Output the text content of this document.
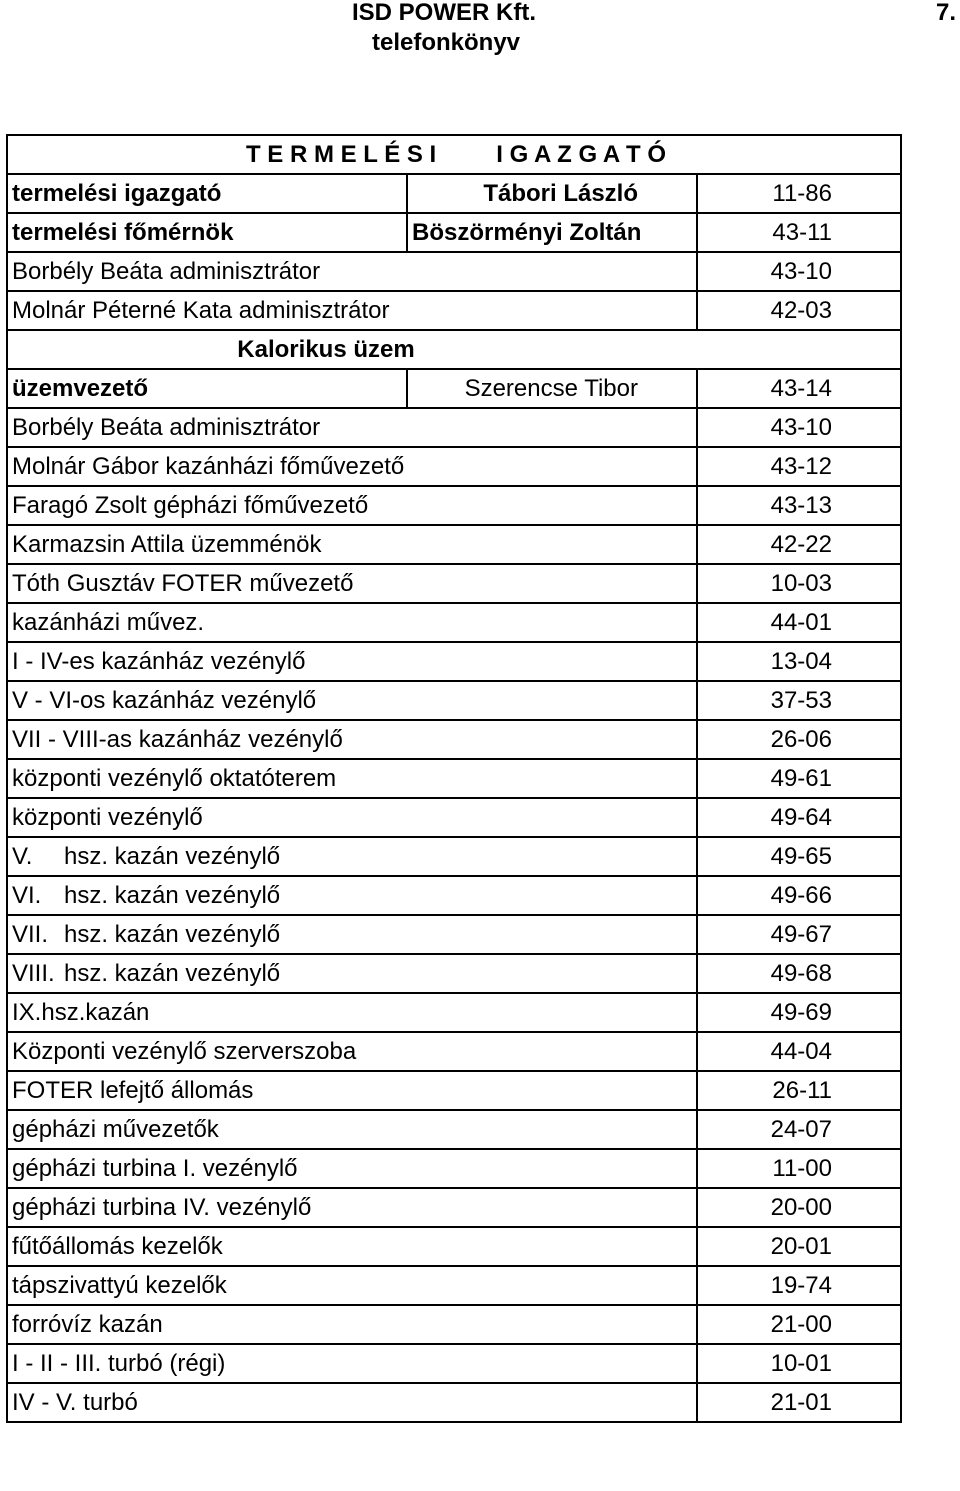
ISD POWER Kft.	7.
telefonkönyv
T E R M E L É S I I G A Z G A T Ó		
termelési igazgató	Tábori László	11-86
termelési főmérnök	Böszörményi Zoltán	43-11
Borbély Beáta adminisztrátor		43-10
Molnár Péterné Kata adminisztrátor		42-03
Kalorikus üzem		
üzemvezető	Szerencse Tibor	43-14
Borbély Beáta adminisztrátor		43-10
Molnár Gábor kazánházi főművezető		43-12
Faragó Zsolt gépházi főművezető		43-13
Karmazsin Attila üzemménök		42-22
Tóth Gusztáv FOTER művezető		10-03
kazánházi művez.		44-01
I - IV-es kazánház vezénylő		13-04
V - VI-os kazánház vezénylő		37-53
VII - VIII-as kazánház vezénylő		26-06
központi vezénylő oktatóterem		49-61
központi vezénylő		49-64
V. hsz. kazán vezénylő		49-65
VI. hsz. kazán vezénylő		49-66
VII. hsz. kazán vezénylő		49-67
VIII. hsz. kazán vezénylő		49-68
IX.hsz.kazán		49-69
Központi vezénylő szerverszoba		44-04
FOTER lefejtő állomás		26-11
gépházi művezetők		24-07
gépházi turbina I. vezénylő		11-00
gépházi turbina IV. vezénylő		20-00
fűtőállomás kezelők		20-01
tápszivattyú kezelők		19-74
forróvíz kazán		21-00
I - II - III. turbó (régi)		10-01
IV - V. turbó		21-01
